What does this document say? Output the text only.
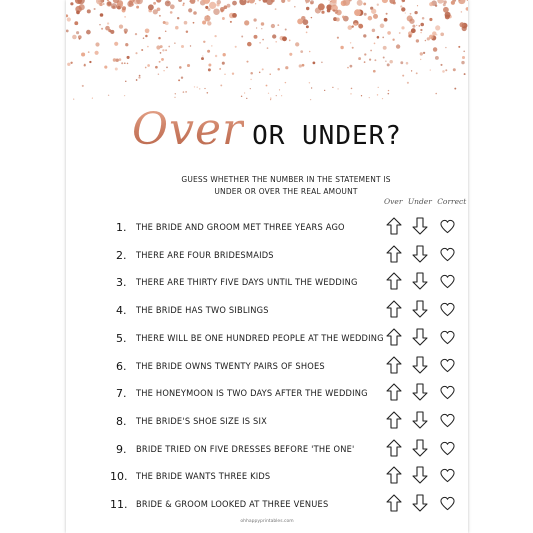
Over OR UNDER?
GUESS WHETHER THE NUMBER IN THE STATEMENT IS UNDER OR OVER THE REAL AMOUNT
Over Under Correct
1. THE BRIDE AND GROOM MET THREE YEARS AGO
2. THERE ARE FOUR BRIDESMAIDS
3. THERE ARE THIRTY FIVE DAYS UNTIL THE WEDDING
4. THE BRIDE HAS TWO SIBLINGS
5. THERE WILL BE ONE HUNDRED PEOPLE AT THE WEDDING
6. THE BRIDE OWNS TWENTY PAIRS OF SHOES
7. THE HONEYMOON IS TWO DAYS AFTER THE WEDDING
8. THE BRIDE'S SHOE SIZE IS SIX
9. BRIDE TRIED ON FIVE DRESSES BEFORE 'THE ONE'
10. THE BRIDE WANTS THREE KIDS
11. BRIDE & GROOM LOOKED AT THREE VENUES
ohhappyprintables.com
